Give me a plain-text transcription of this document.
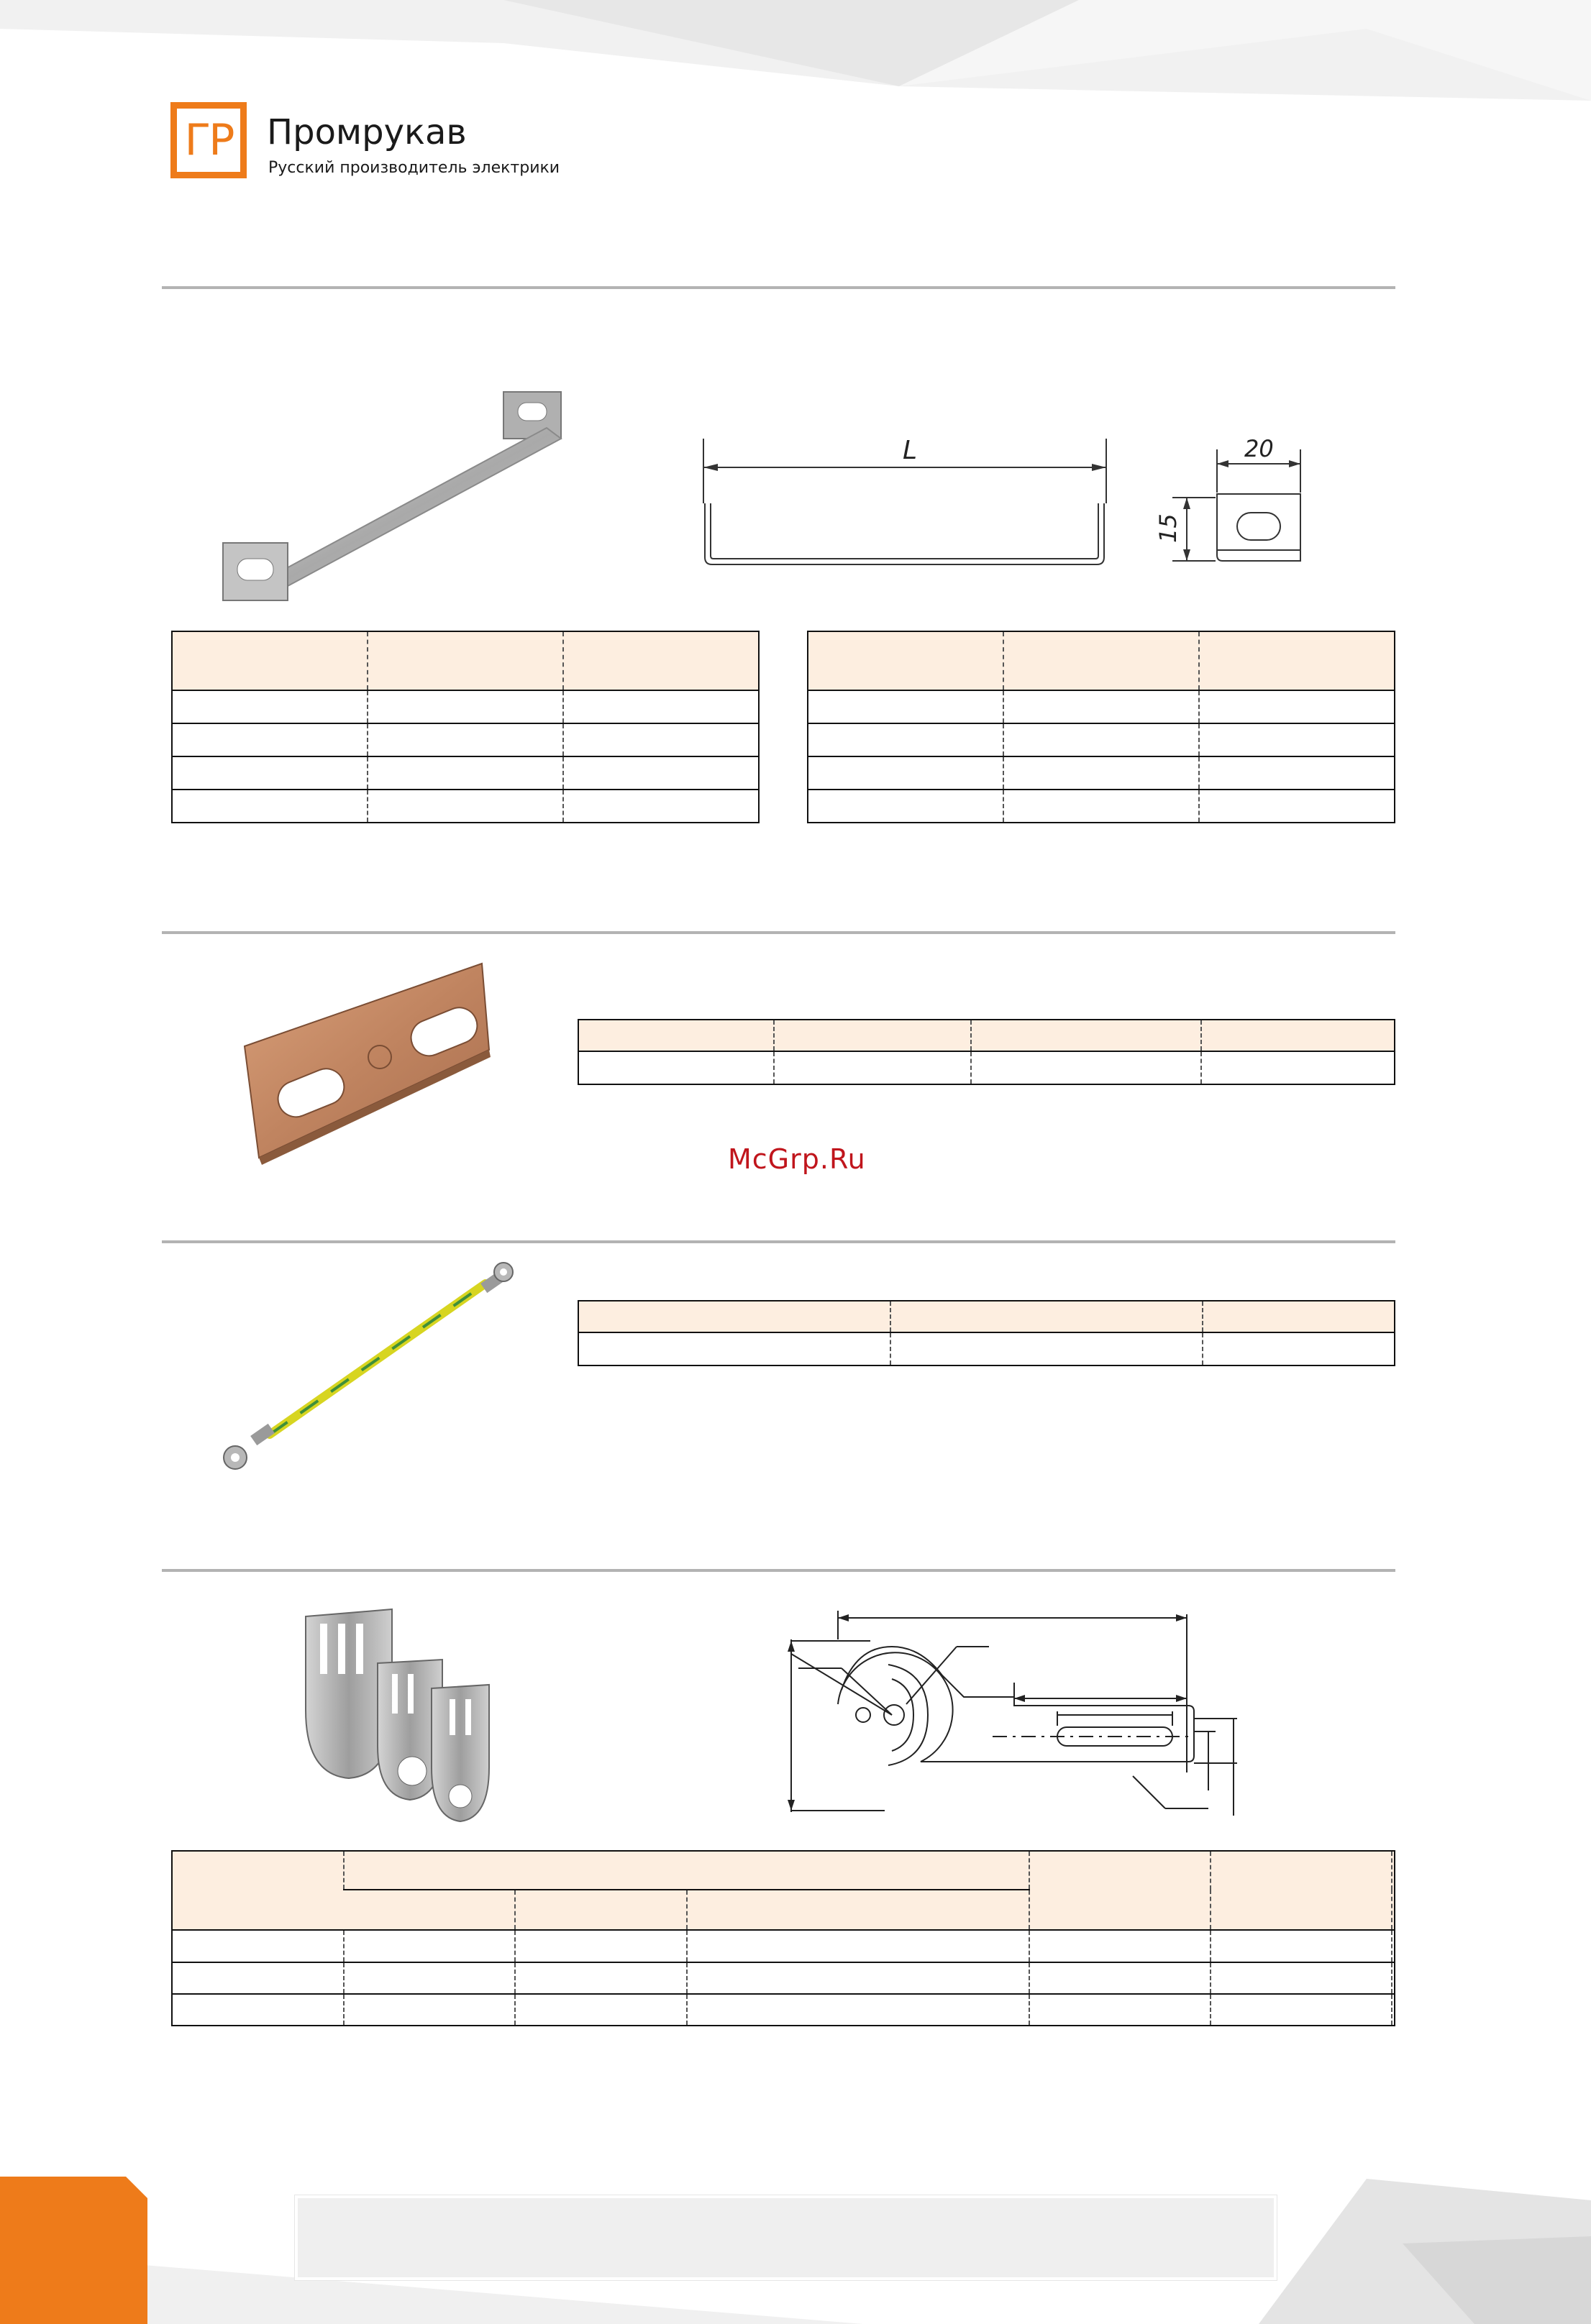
ГР Промрукав
Русский производитель электрики
L	20
15

McGrp.Ru
